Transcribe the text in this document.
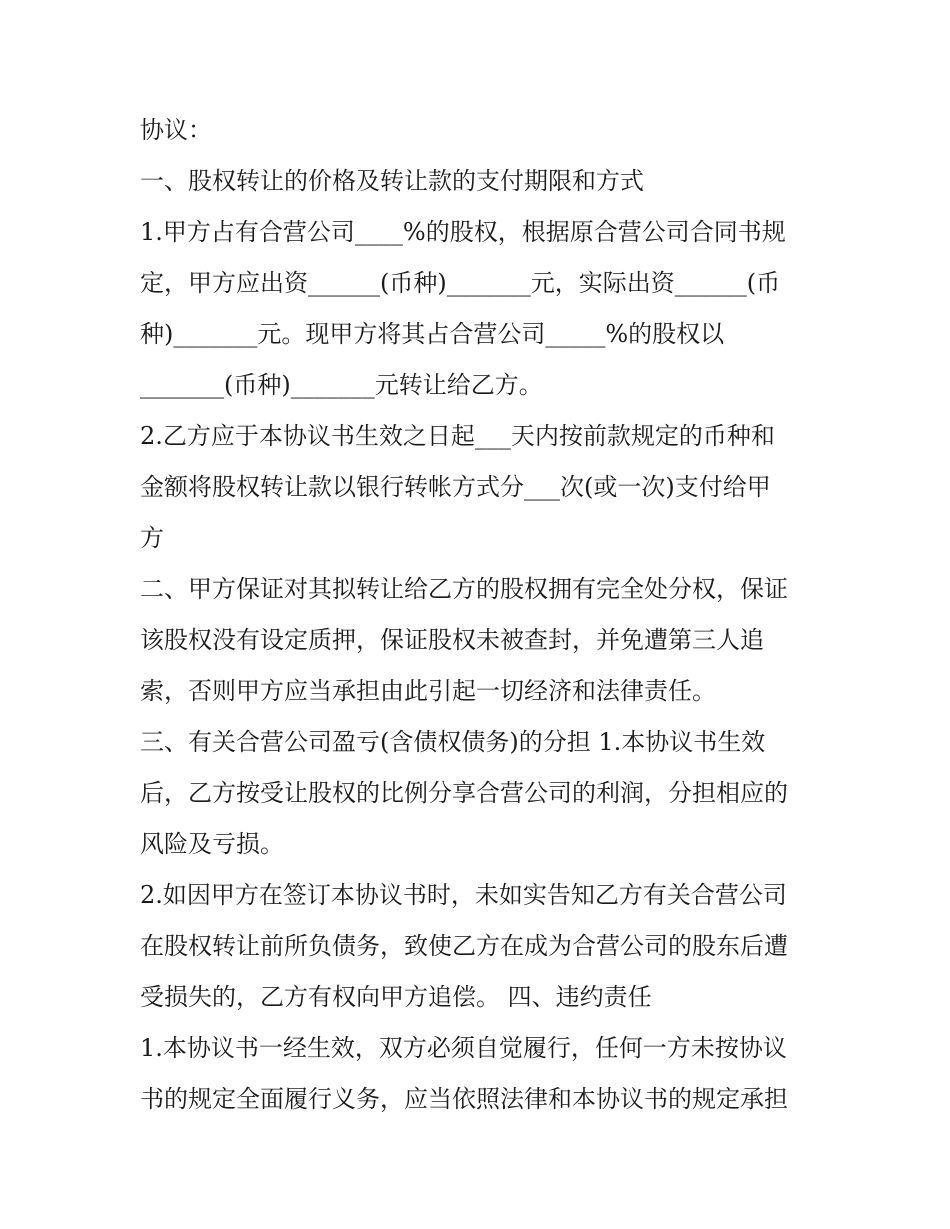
协议：
一、股权转让的价格及转让款的支付期限和方式
1.甲方占有合营公司____%的股权，根据原合营公司合同书规
定，甲方应出资______(币种)_______元，实际出资______(币
种)_______元。现甲方将其占合营公司_____%的股权以
_______(币种)_______元转让给乙方。
2.乙方应于本协议书生效之日起___天内按前款规定的币种和
金额将股权转让款以银行转帐方式分___次(或一次)支付给甲
方
二、甲方保证对其拟转让给乙方的股权拥有完全处分权，保证
该股权没有设定质押，保证股权未被查封，并免遭第三人追
索，否则甲方应当承担由此引起一切经济和法律责任。
三、有关合营公司盈亏(含债权债务)的分担 1.本协议书生效
后，乙方按受让股权的比例分享合营公司的利润，分担相应的
风险及亏损。
2.如因甲方在签订本协议书时，未如实告知乙方有关合营公司
在股权转让前所负债务，致使乙方在成为合营公司的股东后遭
受损失的，乙方有权向甲方追偿。 四、违约责任
1.本协议书一经生效，双方必须自觉履行，任何一方未按协议
书的规定全面履行义务，应当依照法律和本协议书的规定承担
